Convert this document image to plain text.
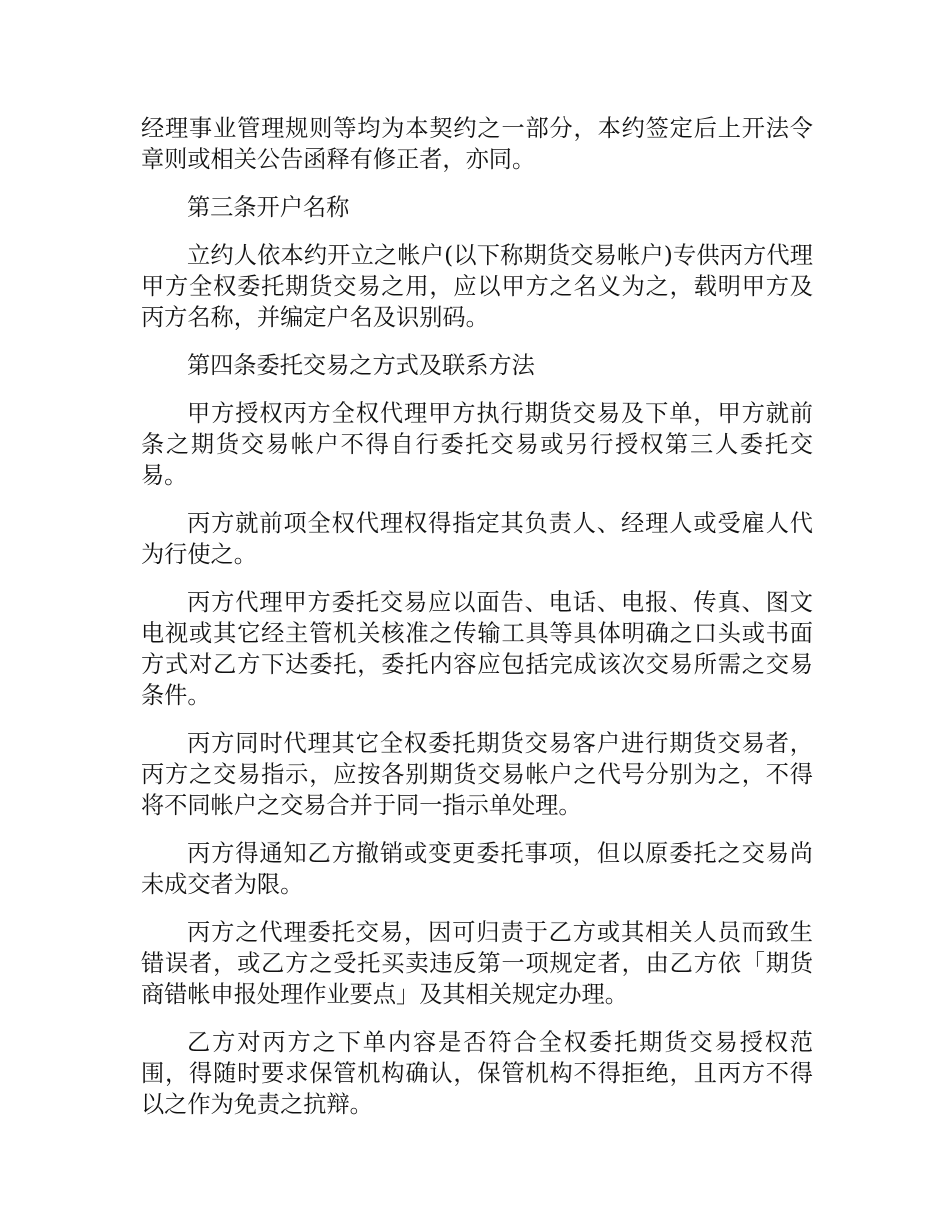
经理事业管理规则等均为本契约之一部分，本约签定后上开法令章则或相关公告函释有修正者，亦同。

第三条开户名称

立约人依本约开立之帐户(以下称期货交易帐户)专供丙方代理甲方全权委托期货交易之用，应以甲方之名义为之，载明甲方及丙方名称，并编定户名及识别码。

第四条委托交易之方式及联系方法

甲方授权丙方全权代理甲方执行期货交易及下单，甲方就前条之期货交易帐户不得自行委托交易或另行授权第三人委托交易。

丙方就前项全权代理权得指定其负责人、经理人或受雇人代为行使之。

丙方代理甲方委托交易应以面告、电话、电报、传真、图文电视或其它经主管机关核准之传输工具等具体明确之口头或书面方式对乙方下达委托，委托内容应包括完成该次交易所需之交易条件。

丙方同时代理其它全权委托期货交易客户进行期货交易者，丙方之交易指示，应按各别期货交易帐户之代号分别为之，不得将不同帐户之交易合并于同一指示单处理。

丙方得通知乙方撤销或变更委托事项，但以原委托之交易尚未成交者为限。

丙方之代理委托交易，因可归责于乙方或其相关人员而致生错误者，或乙方之受托买卖违反第一项规定者，由乙方依「期货商错帐申报处理作业要点」及其相关规定办理。

乙方对丙方之下单内容是否符合全权委托期货交易授权范围，得随时要求保管机构确认，保管机构不得拒绝，且丙方不得以之作为免责之抗辩。
